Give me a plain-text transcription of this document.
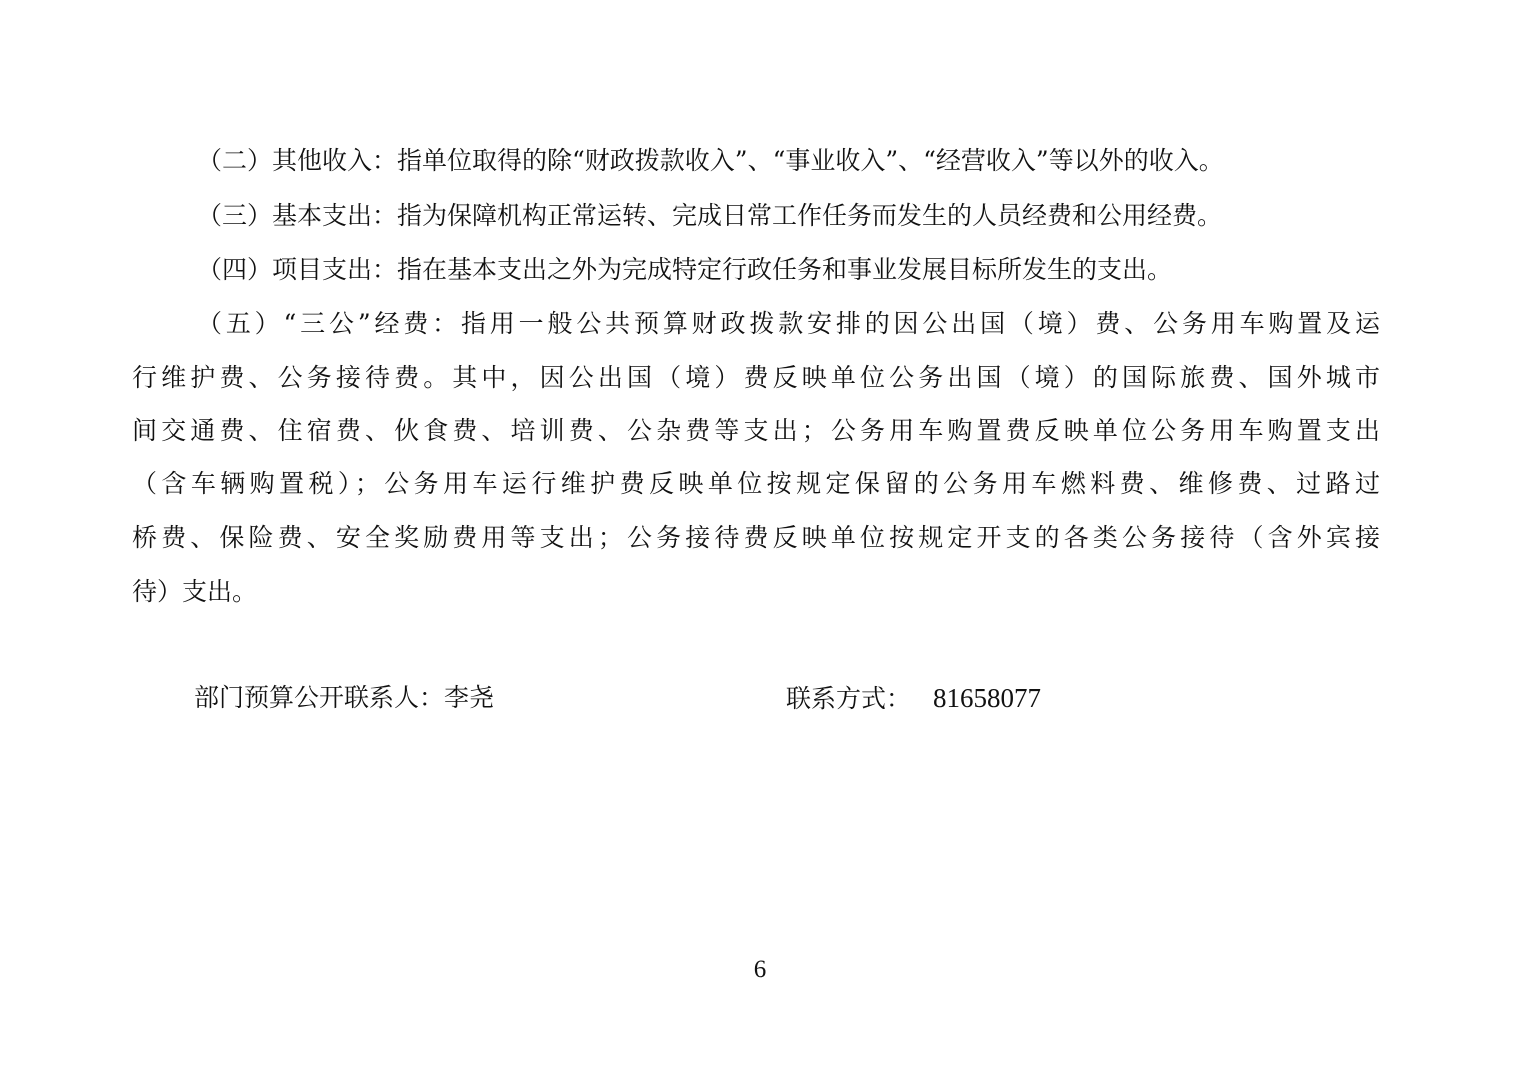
（二）其他收入：指单位取得的除“财政拨款收入”、“事业收入”、“经营收入”等以外的收入。
（三）基本支出：指为保障机构正常运转、完成日常工作任务而发生的人员经费和公用经费。
（四）项目支出：指在基本支出之外为完成特定行政任务和事业发展目标所发生的支出。
（五）“三公”经费：指用一般公共预算财政拨款安排的因公出国（境）费、公务用车购置及运
行维护费、公务接待费。其中，因公出国（境）费反映单位公务出国（境）的国际旅费、国外城市
间交通费、住宿费、伙食费、培训费、公杂费等支出；公务用车购置费反映单位公务用车购置支出
（含车辆购置税）；公务用车运行维护费反映单位按规定保留的公务用车燃料费、维修费、过路过
桥费、保险费、安全奖励费用等支出；公务接待费反映单位按规定开支的各类公务接待（含外宾接
待）支出。
部门预算公开联系人：李尧	联系方式： 81658077
6
